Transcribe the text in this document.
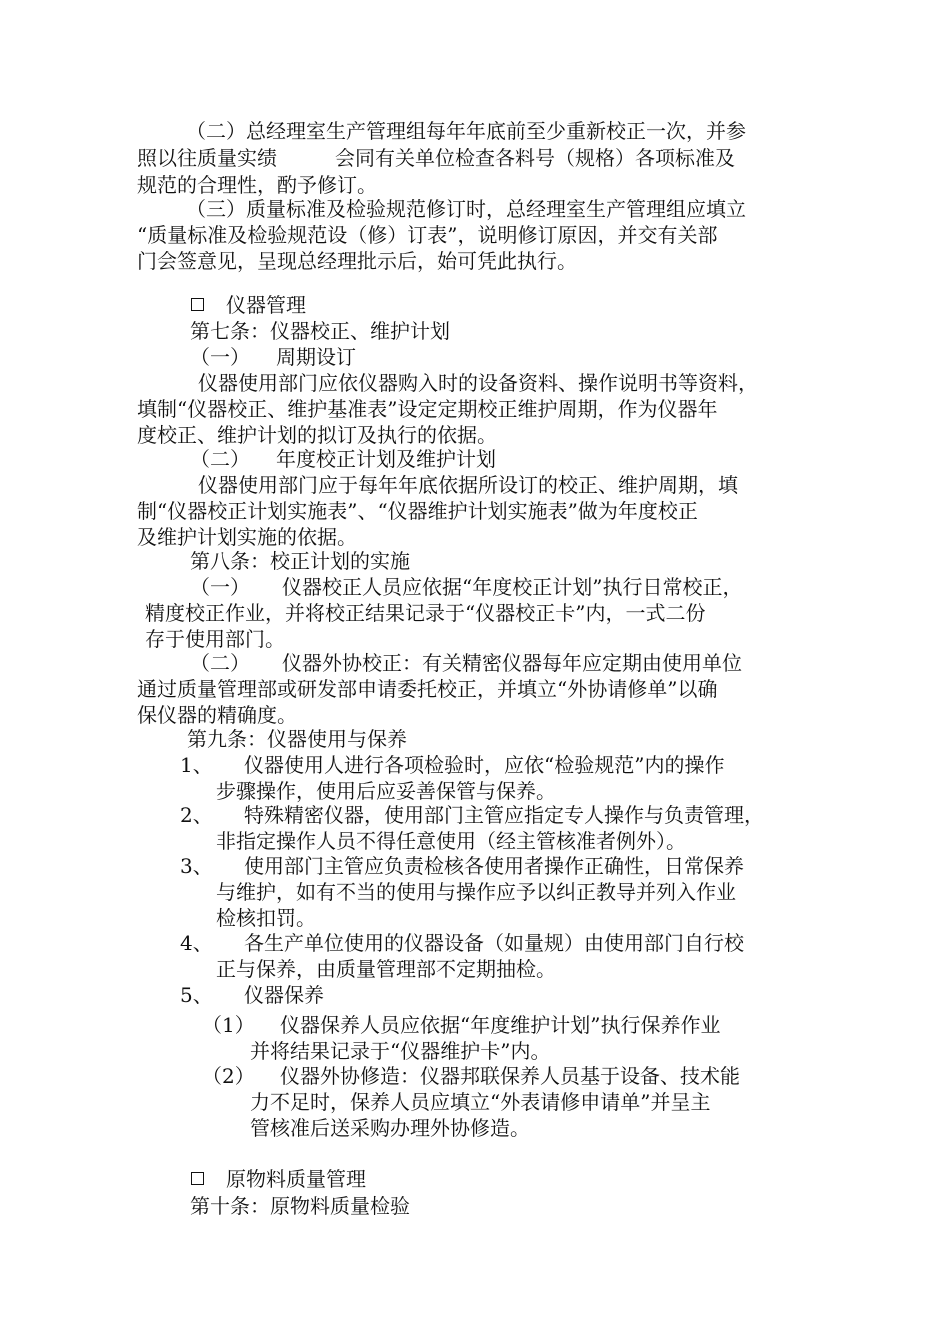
（二）总经理室生产管理组每年年底前至少重新校正一次，并参
照以往质量实绩	会同有关单位检查各料号（规格）各项标准及
规范的合理性，酌予修订。
（三）质量标准及检验规范修订时，总经理室生产管理组应填立
“质量标准及检验规范设（修）订表”，说明修订原因，并交有关部
门会签意见，呈现总经理批示后，始可凭此执行。
仪器管理
第七条：仪器校正、维护计划
（一） 周期设订
仪器使用部门应依仪器购入时的设备资料、操作说明书等资料，
填制“仪器校正、维护基准表”设定定期校正维护周期，作为仪器年
度校正、维护计划的拟订及执行的依据。
（二） 年度校正计划及维护计划
仪器使用部门应于每年年底依据所设订的校正、维护周期，填
制“仪器校正计划实施表”、“仪器维护计划实施表”做为年度校正
及维护计划实施的依据。
第八条：校正计划的实施
（一） 仪器校正人员应依据“年度校正计划”执行日常校正，
精度校正作业，并将校正结果记录于“仪器校正卡”内，一式二份
存于使用部门。
（二） 仪器外协校正：有关精密仪器每年应定期由使用单位
通过质量管理部或研发部申请委托校正，并填立“外协请修单”以确
保仪器的精确度。
第九条：仪器使用与保养
1、 仪器使用人进行各项检验时，应依“检验规范”内的操作
步骤操作，使用后应妥善保管与保养。
2、 特殊精密仪器，使用部门主管应指定专人操作与负责管理，
非指定操作人员不得任意使用（经主管核准者例外）。
3、 使用部门主管应负责检核各使用者操作正确性，日常保养
与维护，如有不当的使用与操作应予以纠正教导并列入作业
检核扣罚。
4、 各生产单位使用的仪器设备（如量规）由使用部门自行校
正与保养，由质量管理部不定期抽检。
5、 仪器保养
（1） 仪器保养人员应依据“年度维护计划”执行保养作业
并将结果记录于“仪器维护卡”内。
（2） 仪器外协修造：仪器邦联保养人员基于设备、技术能
力不足时，保养人员应填立“外表请修申请单”并呈主
管核准后送采购办理外协修造。
原物料质量管理
第十条：原物料质量检验
